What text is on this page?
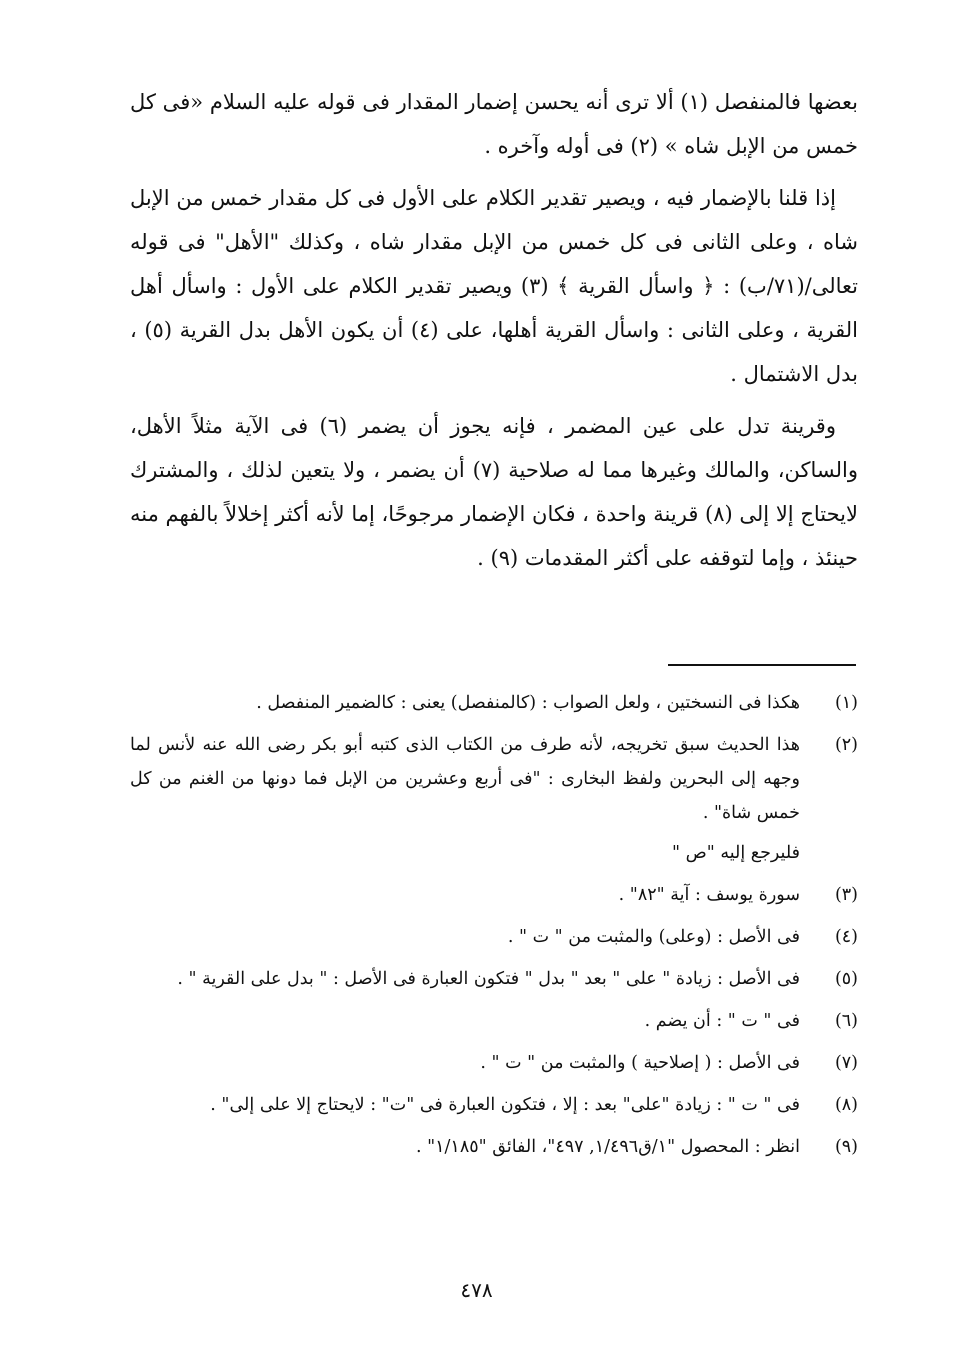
بعضها فالمنفصل (١) ألا ترى أنه يحسن إضمار المقدار فى قوله عليه السلام «فى كل خمس من الإبل شاه » (٢) فى أوله وآخره .

إذا قلنا بالإضمار فيه ، ويصير تقدير الكلام على الأول فى كل مقدار خمس من الإبل شاه ، وعلى الثانى فى كل خمس من الإبل مقدار شاه ، وكذلك "الأهل" فى قوله تعالى/(٧١/ب) : ﴿ واسأل القرية ﴾ (٣) ويصير تقدير الكلام على الأول : واسأل أهل القرية ، وعلى الثانى : واسأل القرية أهلها، على (٤) أن يكون الأهل بدل القرية (٥) ، بدل الاشتمال .

وقرينة تدل على عين المضمر ، فإنه يجوز أن يضمر (٦) فى الآية مثلاً الأهل، والساكن، والمالك وغيرها مما له صلاحية (٧) أن يضمر ، ولا يتعين لذلك ، والمشترك لايحتاج إلا إلى (٨) قرينة واحدة ، فكان الإضمار مرجوحًا، إما لأنه أكثر إخلالاً بالفهم منه حينئذ ، وإما لتوقفه على أكثر المقدمات (٩) .

(١)
هكذا فى النسختين ، ولعل الصواب : (كالمنفصل) يعنى : كالضمير المنفصل .
(٢)
هذا الحديث سبق تخريجه، لأنه طرف من الكتاب الذى كتبه أبو بكر رضى الله عنه لأنس لما وجهه إلى البحرين ولفظ البخارى : "فى أربع وعشرين من الإبل فما دونها من الغنم من كل خمس شاة" .
فليرجع إليه "ص "
(٣)
سورة يوسف : آية "٨٢" .
(٤)
فى الأصل : (وعلى) والمثبت من " ت " .
(٥)
فى الأصل : زيادة " على " بعد " بدل " فتكون العبارة فى الأصل : " بدل على القرية " .
(٦)
فى " ت " : أن يضم .
(٧)
فى الأصل : ( إصلاحية ) والمثبت من " ت " .
(٨)
فى " ت " : زيادة "على" بعد : إلا ، فتكون العبارة فى "ت" : لايحتاج إلا على إلى" .
(٩)
انظر : المحصول "١/ق١/٤٩٦, ٤٩٧"، الفائق "١/١٨٥" .
٤٧٨
